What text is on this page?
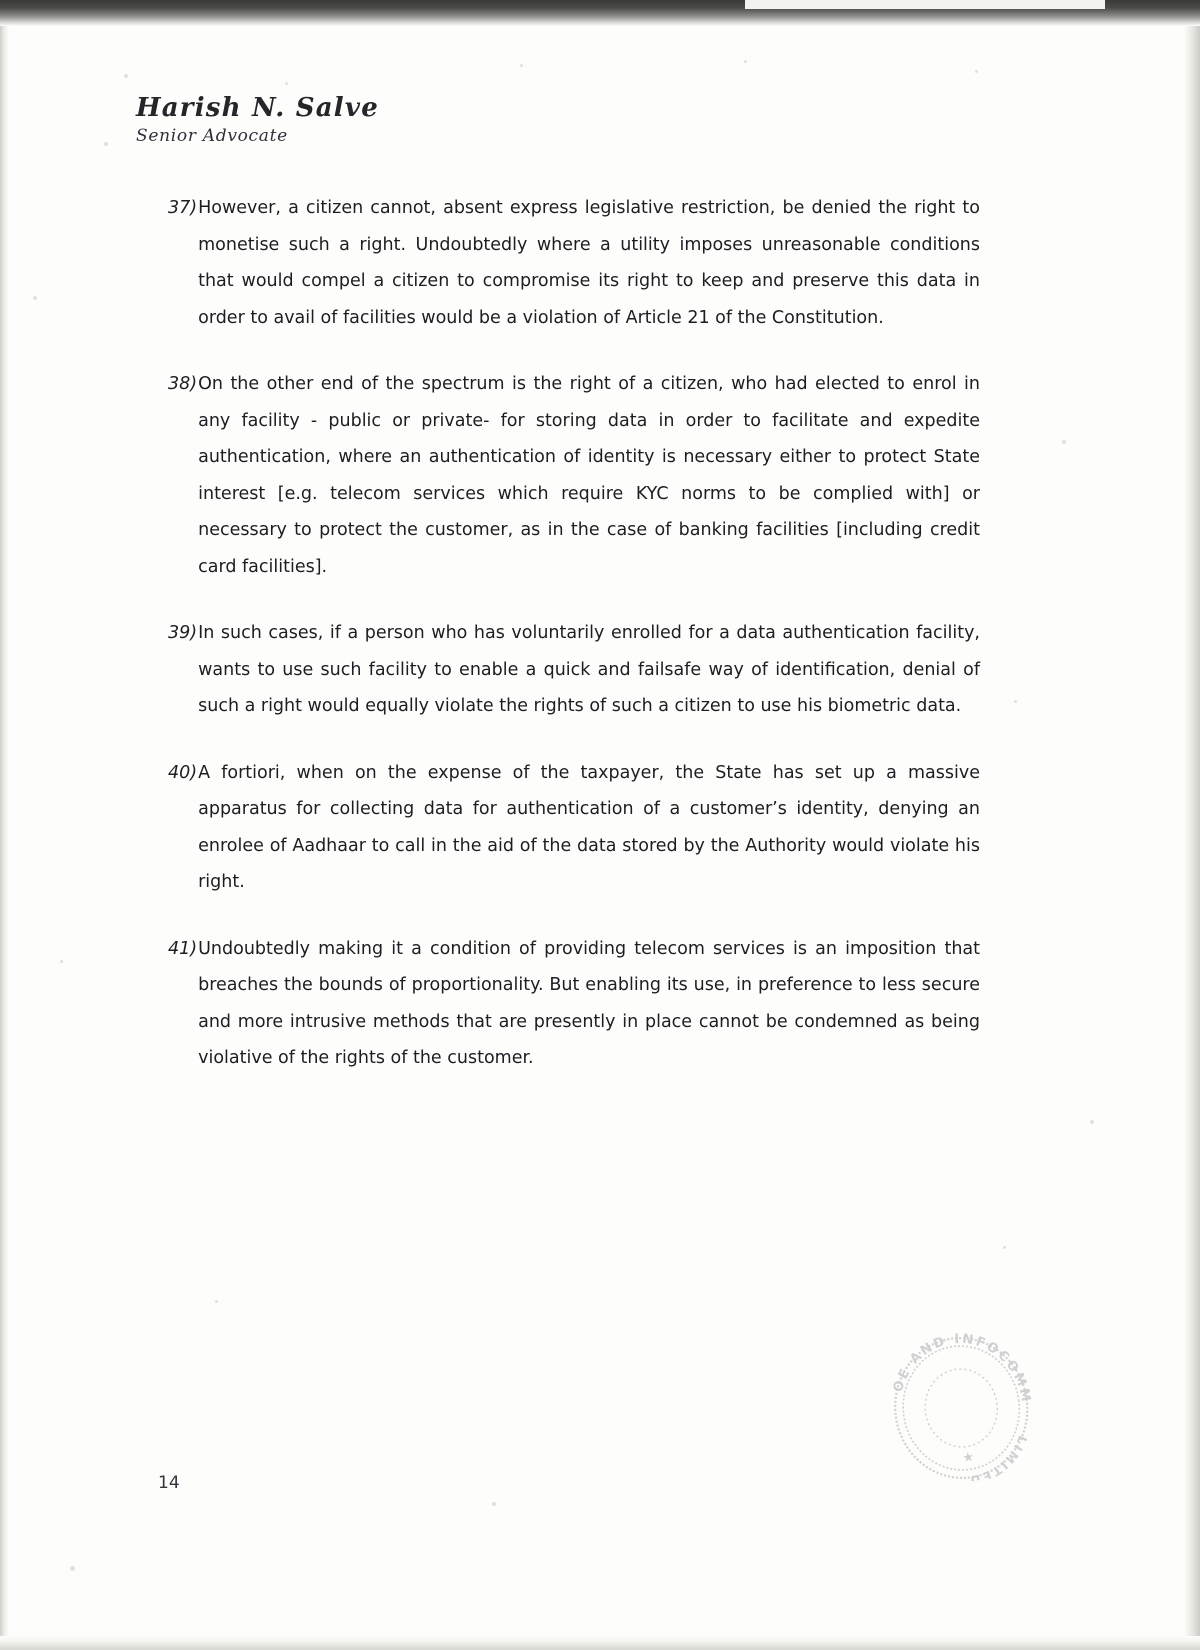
Harish N. Salve
Senior Advocate
37) However, a citizen cannot, absent express legislative restriction, be denied the right to monetise such a right. Undoubtedly where a utility imposes unreasonable conditions that would compel a citizen to compromise its right to keep and preserve this data in order to avail of facilities would be a violation of Article 21 of the Constitution.
38) On the other end of the spectrum is the right of a citizen, who had elected to enrol in any facility - public or private- for storing data in order to facilitate and expedite authentication, where an authentication of identity is necessary either to protect State interest [e.g. telecom services which require KYC norms to be complied with] or necessary to protect the customer, as in the case of banking facilities [including credit card facilities].
39) In such cases, if a person who has voluntarily enrolled for a data authentication facility, wants to use such facility to enable a quick and failsafe way of identification, denial of such a right would equally violate the rights of such a citizen to use his biometric data.
40) A fortiori, when on the expense of the taxpayer, the State has set up a massive apparatus for collecting data for authentication of a customer’s identity, denying an enrolee of Aadhaar to call in the aid of the data stored by the Authority would violate his right.
41) Undoubtedly making it a condition of providing telecom services is an imposition that breaches the bounds of proportionality. But enabling its use, in preference to less secure and more intrusive methods that are presently in place cannot be condemned as being violative of the rights of the customer.
14
OE AND INFOCOMM
LIMITED
★
